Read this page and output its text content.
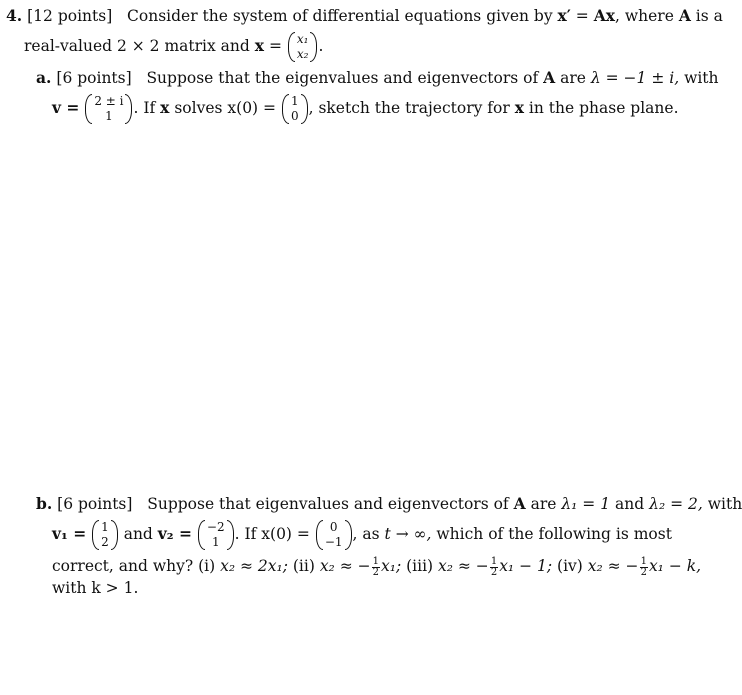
4. [12 points] Consider the system of differential equations given by x′ = Ax, where A is a
real-valued 2 × 2 matrix and x = x₁
x₂ .
a. [6 points] Suppose that the eigenvalues and eigenvectors of A are λ = −1 ± i, with
v = 2 ± i
1	. If x solves x(0) = 1
0 , sketch the trajectory for x in the phase plane.
b. [6 points] Suppose that eigenvalues and eigenvectors of A are λ₁ = 1 and λ₂ = 2, with
v₁ = 1
2 and v₂ = −2
1 . If x(0) =	0
−1 , as t → ∞, which of the following is most
correct, and why? (i) x₂ ≈ 2x₁; (ii) x₂ ≈ − $\frac{1}{2} x_1$; (iii) x₂ ≈ − $\frac{1}{2} x_1 - 1$; (iv) x₂ ≈ − $\frac{1}{2} x_1 - k$,
with k > 1.
